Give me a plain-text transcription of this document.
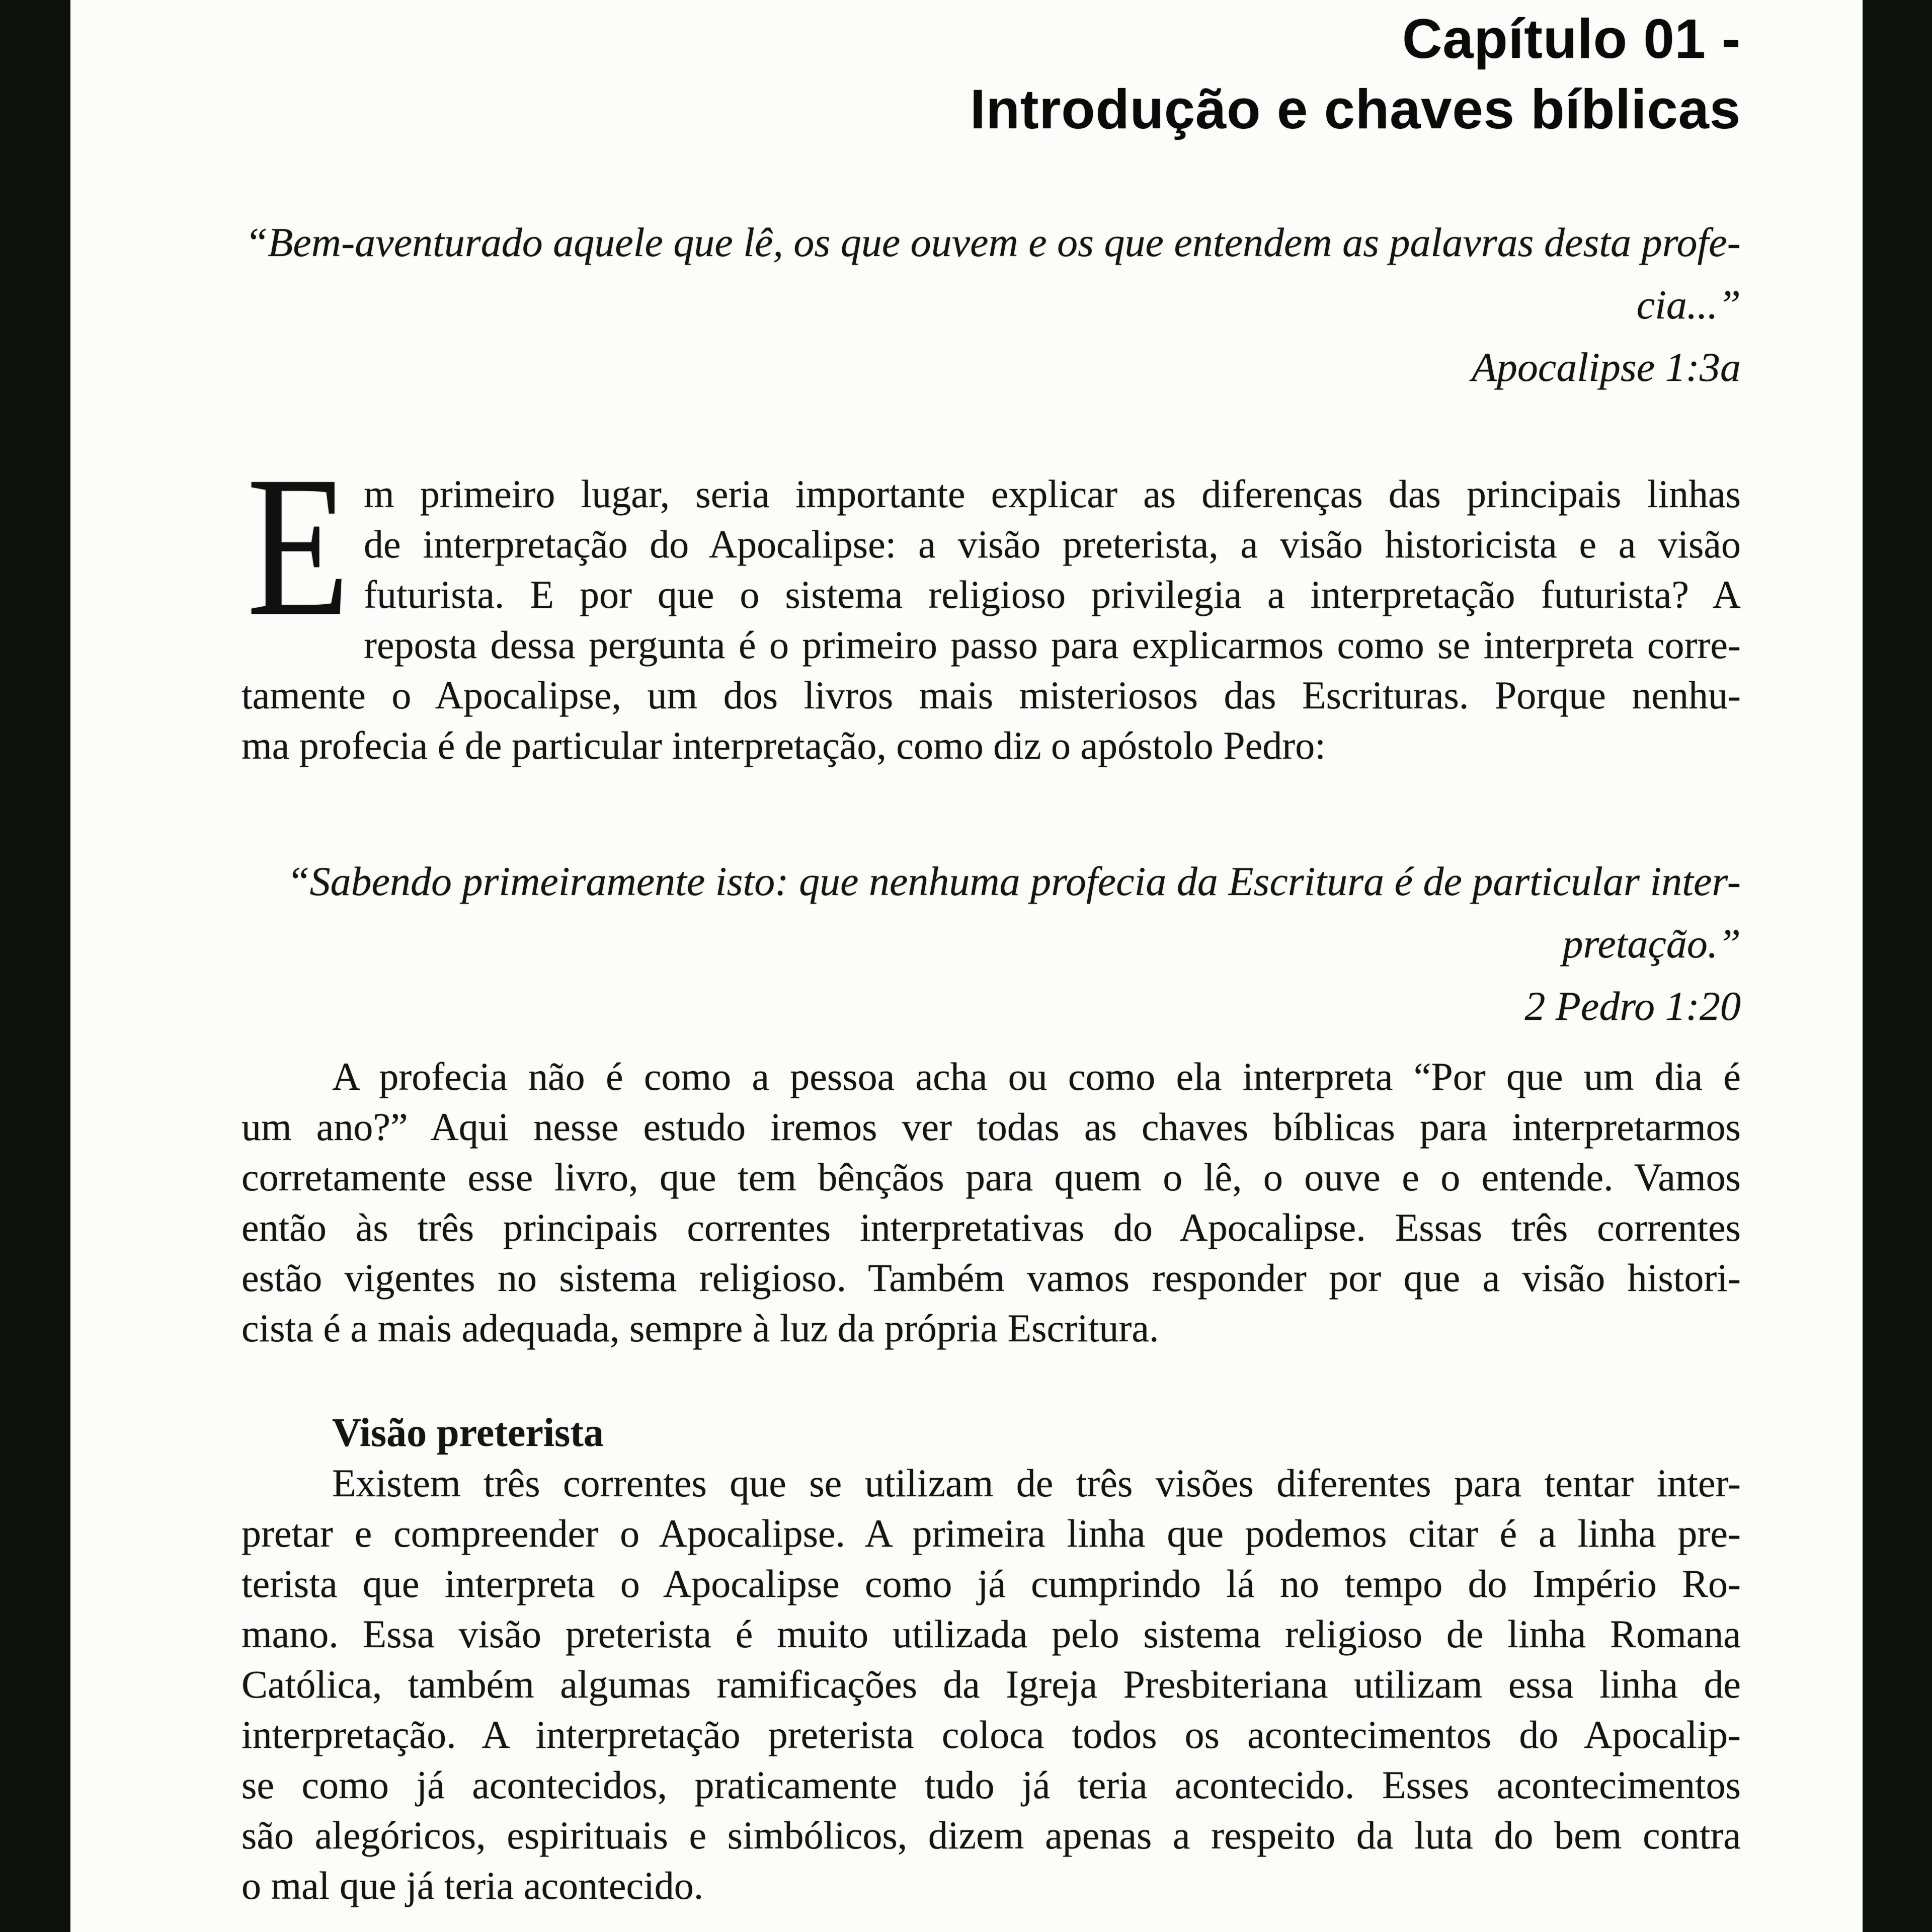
Capítulo 01 -
Introdução e chaves bíblicas
“Bem-aventurado aquele que lê, os que ouvem e os que entendem as palavras desta profe-
cia...”
Apocalipse 1:3a
E m primeiro lugar, seria importante explicar as diferenças das principais linhas
de interpretação do Apocalipse: a visão preterista, a visão historicista e a visão
futurista. E por que o sistema religioso privilegia a interpretação futurista? A
reposta dessa pergunta é o primeiro passo para explicarmos como se interpreta corre-
tamente o Apocalipse, um dos livros mais misteriosos das Escrituras. Porque nenhu-
ma profecia é de particular interpretação, como diz o apóstolo Pedro:
“Sabendo primeiramente isto: que nenhuma profecia da Escritura é de particular inter-
pretação.”
2 Pedro 1:20
A profecia não é como a pessoa acha ou como ela interpreta “Por que um dia é
um ano?” Aqui nesse estudo iremos ver todas as chaves bíblicas para interpretarmos
corretamente esse livro, que tem bênçãos para quem o lê, o ouve e o entende. Vamos
então às três principais correntes interpretativas do Apocalipse. Essas três correntes
estão vigentes no sistema religioso. Também vamos responder por que a visão histori-
cista é a mais adequada, sempre à luz da própria Escritura.
Visão preterista
Existem três correntes que se utilizam de três visões diferentes para tentar inter-
pretar e compreender o Apocalipse. A primeira linha que podemos citar é a linha pre-
terista que interpreta o Apocalipse como já cumprindo lá no tempo do Império Ro-
mano. Essa visão preterista é muito utilizada pelo sistema religioso de linha Romana
Católica, também algumas ramificações da Igreja Presbiteriana utilizam essa linha de
interpretação. A interpretação preterista coloca todos os acontecimentos do Apocalip-
se como já acontecidos, praticamente tudo já teria acontecido. Esses acontecimentos
são alegóricos, espirituais e simbólicos, dizem apenas a respeito da luta do bem contra
o mal que já teria acontecido.
